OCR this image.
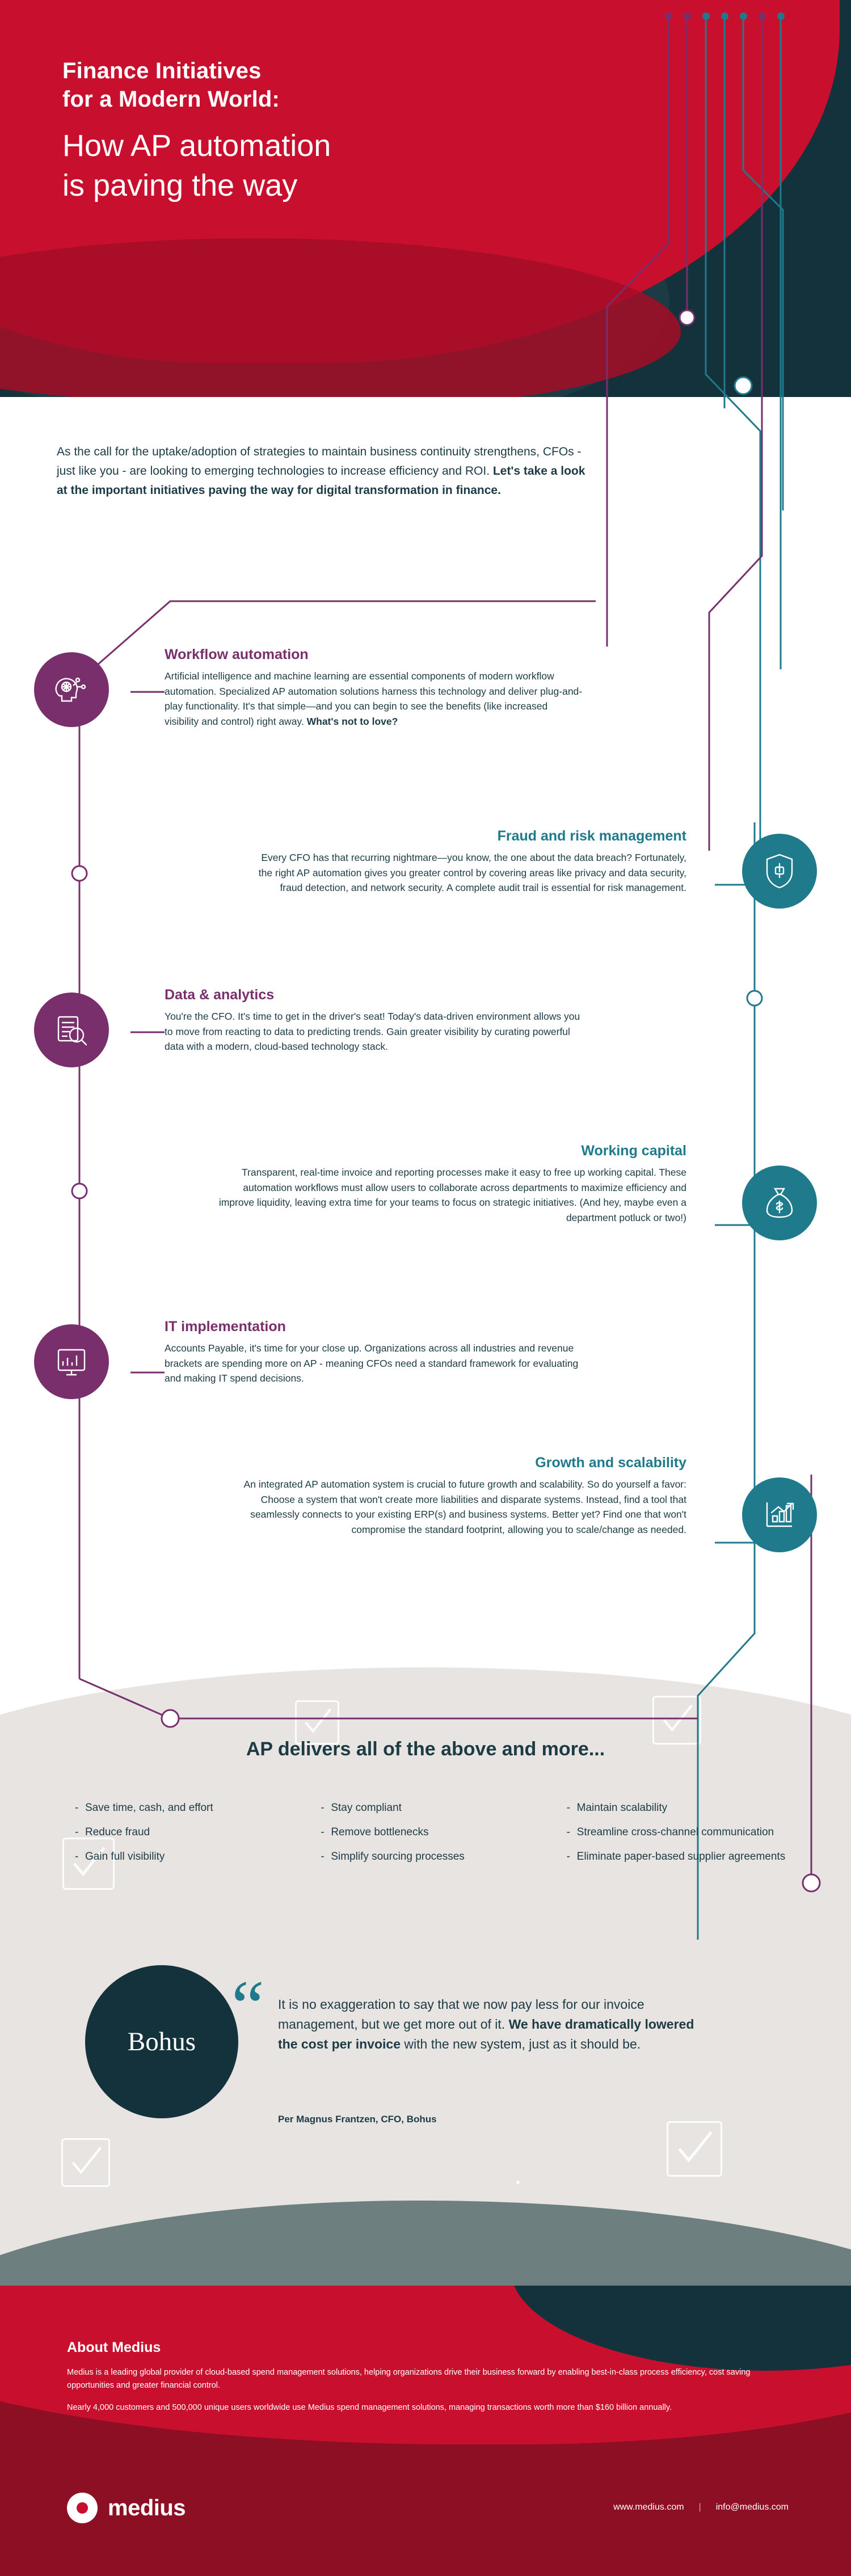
Finance Initiatives
for a Modern World:
How AP automation
is paving the way
As the call for the uptake/adoption of strategies to maintain business continuity strengthens, CFOs - just like you - are looking to emerging technologies to increase efficiency and ROI. Let's take a look at the important initiatives paving the way for digital transformation in finance.
Workflow automation

Artificial intelligence and machine learning are essential components of modern workflow automation. Specialized AP automation solutions harness this technology and deliver plug-and-play functionality. It's that simple—and you can begin to see the benefits (like increased visibility and control) right away. What's not to love?

Fraud and risk management

Every CFO has that recurring nightmare—you know, the one about the data breach? Fortunately, the right AP automation gives you greater control by covering areas like privacy and data security, fraud detection, and network security. A complete audit trail is essential for risk management.

Data & analytics

You're the CFO. It's time to get in the driver's seat! Today's data-driven environment allows you to move from reacting to data to predicting trends. Gain greater visibility by curating powerful data with a modern, cloud-based technology stack.

Working capital

Transparent, real-time invoice and reporting processes make it easy to free up working capital. These automation workflows must allow users to collaborate across departments to maximize efficiency and improve liquidity, leaving extra time for your teams to focus on strategic initiatives. (And hey, maybe even a department potluck or two!)

IT implementation

Accounts Payable, it's time for your close up. Organizations across all industries and revenue brackets are spending more on AP - meaning CFOs need a standard framework for evaluating and making IT spend decisions.

Growth and scalability

An integrated AP automation system is crucial to future growth and scalability. So do yourself a favor: Choose a system that won't create more liabilities and disparate systems. Instead, find a tool that seamlessly connects to your existing ERP(s) and business systems. Better yet? Find one that won't compromise the standard footprint, allowing you to scale/change as needed.

AP delivers all of the above and more...
- Save time, cash, and effort
- Reduce fraud
- Gain full visibility
- Stay compliant
- Remove bottlenecks
- Simplify sourcing processes
- Maintain scalability
- Streamline cross-channel communication
- Eliminate paper-based supplier agreements
Bohus “ It is no exaggeration to say that we now pay less for our invoice management, but we get more out of it. We have dramatically lowered the cost per invoice with the new system, just as it should be.
Per Magnus Frantzen, CFO, Bohus
About Medius

Medius is a leading global provider of cloud-based spend management solutions, helping organizations drive their business forward by enabling best-in-class process efficiency, cost saving opportunities and greater financial control.

Nearly 4,000 customers and 500,000 unique users worldwide use Medius spend management solutions, managing transactions worth more than $160 billion annually.

medius	www.medius.com | info@medius.com
